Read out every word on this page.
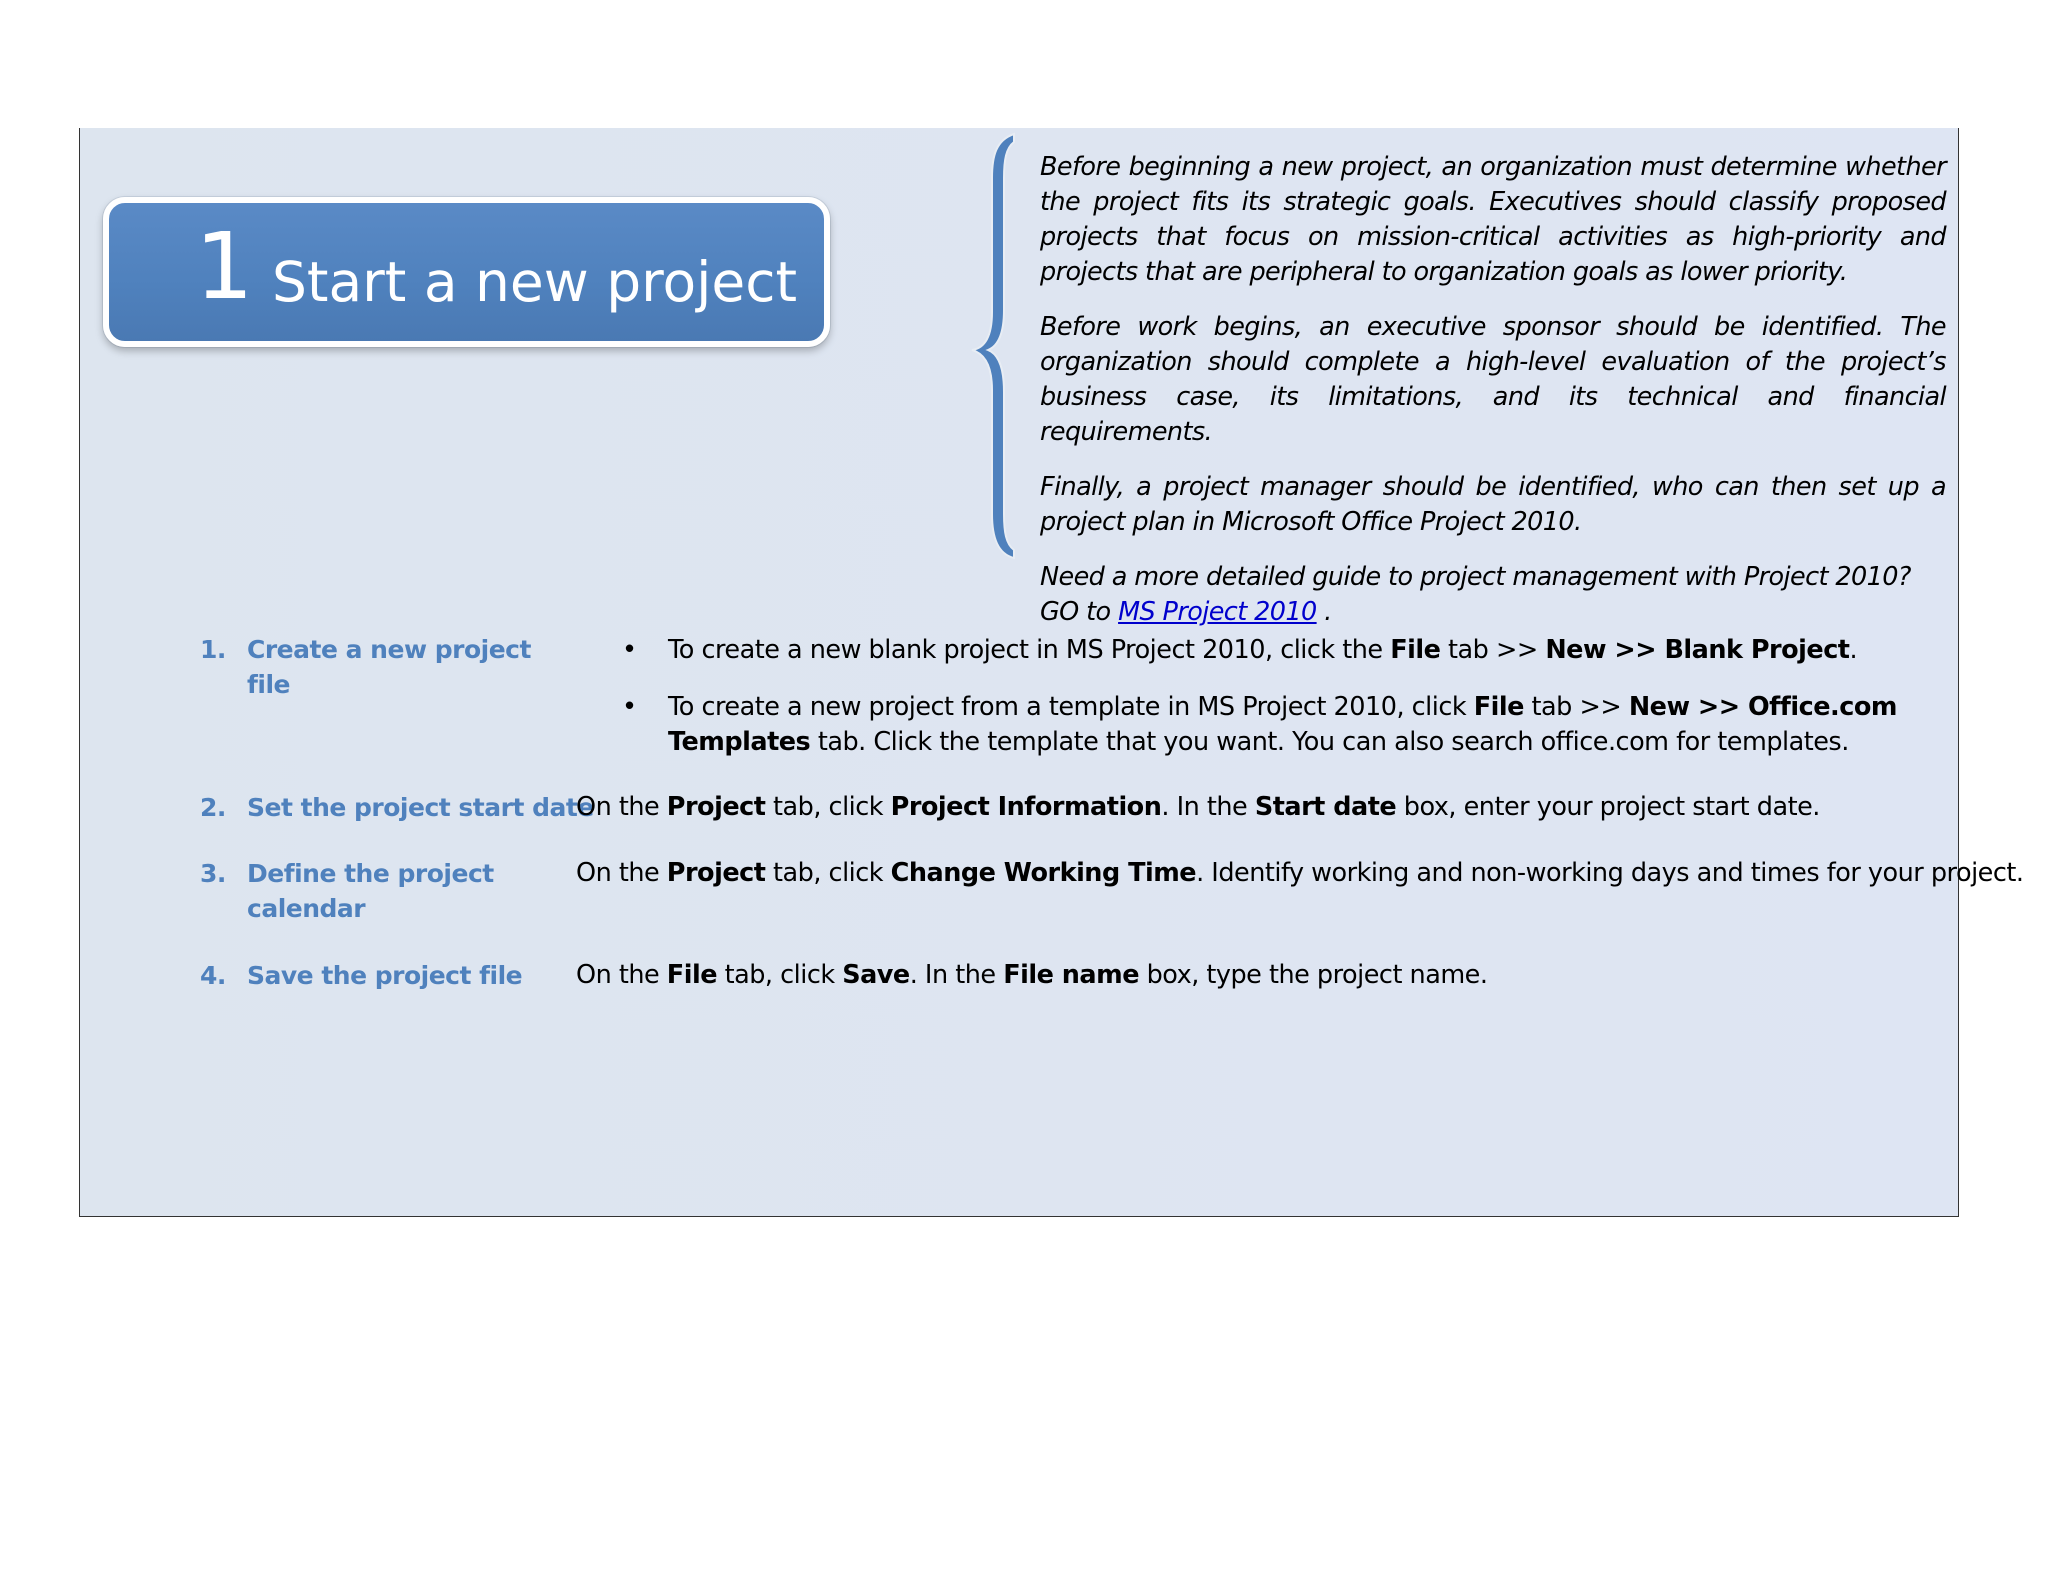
1 Start a new project

Before beginning a new project, an organization must determine whether the project fits its strategic goals. Executives should classify proposed projects that focus on mission-critical activities as high-priority and projects that are peripheral to organization goals as lower priority.

Before work begins, an executive sponsor should be identified. The organization should complete a high-level evaluation of the project’s business case, its limitations, and its technical and financial requirements.

Finally, a project manager should be identified, who can then set up a project plan in Microsoft Office Project 2010.

Need a more detailed guide to project management with Project 2010? GO to MS Project 2010 .

1. Create a new project file
• To create a new blank project in MS Project 2010, click the File tab >> New >> Blank Project.
• To create a new project from a template in MS Project 2010, click File tab >> New >> Office.com Templates tab. Click the template that you want. You can also search office.com for templates.
2. Set the project start date
On the Project tab, click Project Information. In the Start date box, enter your project start date.
3. Define the project calendar
On the Project tab, click Change Working Time. Identify working and non-working days and times for your project.
4. Save the project file	On the File tab, click Save. In the File name box, type the project name.
